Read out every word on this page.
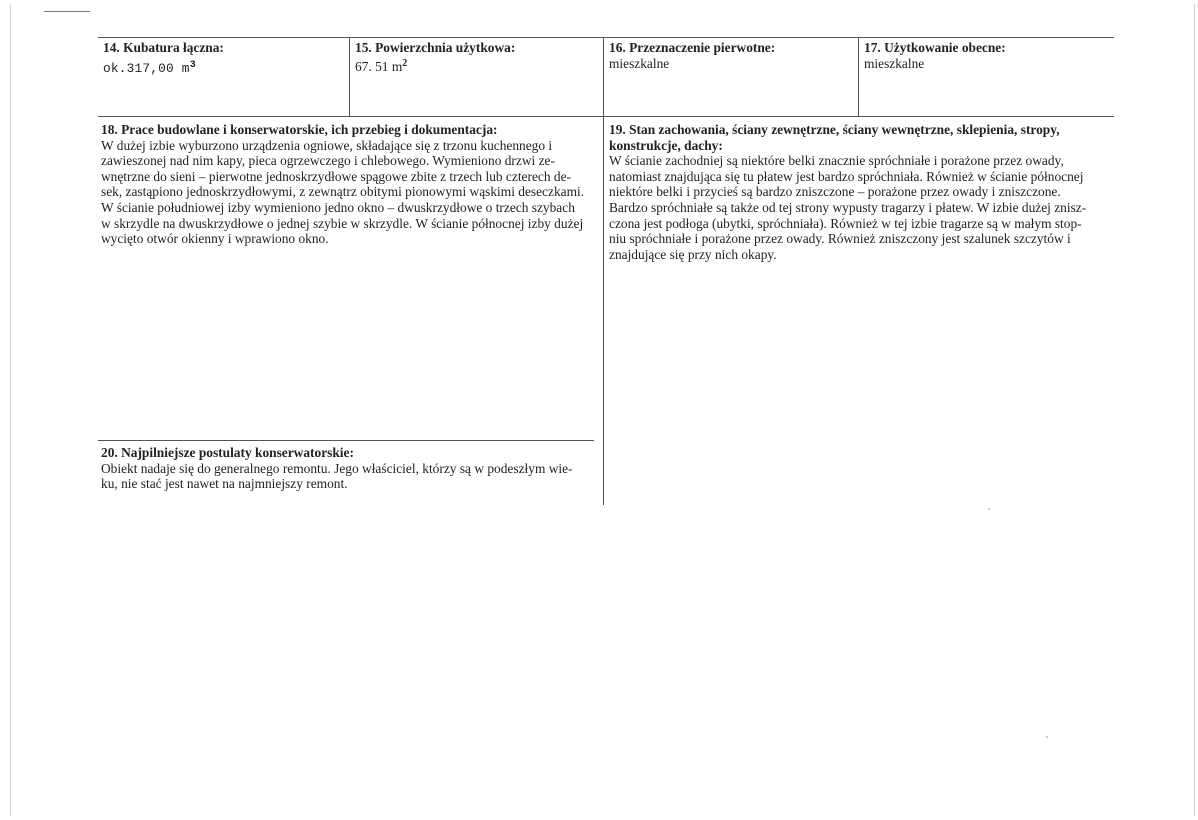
14. Kubatura łączna:
ok.317,00 $m^3$
15. Powierzchnia użytkowa:
67. 51 $m^2$
16. Przeznaczenie pierwotne:
mieszkalne
17. Użytkowanie obecne:
mieszkalne
18. Prace budowlane i konserwatorskie, ich przebieg i dokumentacja:
W dużej izbie wyburzono urządzenia ogniowe, składające się z trzonu kuchennego i
zawieszonej nad nim kapy, pieca ogrzewczego i chlebowego. Wymieniono drzwi ze-
wnętrzne do sieni – pierwotne jednoskrzydłowe spągowe zbite z trzech lub czterech de-
sek, zastąpiono jednoskrzydłowymi, z zewnątrz obitymi pionowymi wąskimi deseczkami.
W ścianie południowej izby wymieniono jedno okno – dwuskrzydłowe o trzech szybach
w skrzydle na dwuskrzydłowe o jednej szybie w skrzydle. W ścianie północnej izby dużej
wycięto otwór okienny i wprawiono okno.
19. Stan zachowania, ściany zewnętrzne, ściany wewnętrzne, sklepienia, stropy,
konstrukcje, dachy:
W ścianie zachodniej są niektóre belki znacznie spróchniałe i porażone przez owady,
natomiast znajdująca się tu płatew jest bardzo spróchniała. Również w ścianie północnej
niektóre belki i przycieś są bardzo zniszczone – porażone przez owady i zniszczone.
Bardzo spróchniałe są także od tej strony wypusty tragarzy i płatew. W izbie dużej znisz-
czona jest podłoga (ubytki, spróchniała). Również w tej izbie tragarze są w małym stop-
niu spróchniałe i porażone przez owady. Również zniszczony jest szalunek szczytów i
znajdujące się przy nich okapy.
20. Najpilniejsze postulaty konserwatorskie:
Obiekt nadaje się do generalnego remontu. Jego właściciel, którzy są w podeszłym wie-
ku, nie stać jest nawet na najmniejszy remont.
